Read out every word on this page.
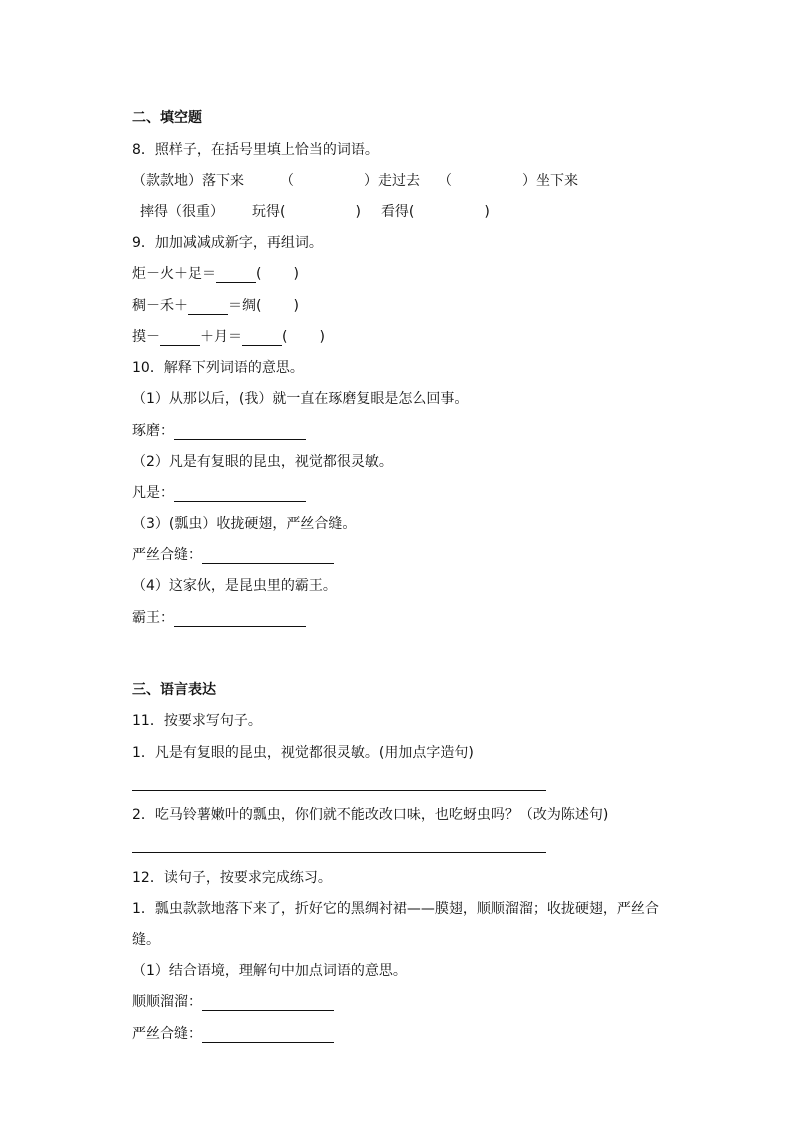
二、填空题
8．照样子，在括号里填上恰当的词语。
（款款地）落下来	（	）走过去 （	）坐下来
摔得（很重） 玩得(	) 看得(	)
9．加加减减成新字，再组词。
炬－火＋足＝	( )
稠－禾＋	＝绸( )
摸－	＋月＝	( )
10．解释下列词语的意思。
（1）从那以后，(我）就一直在琢磨复眼是怎么回事。
琢磨：
（2）凡是有复眼的昆虫，视觉都很灵敏。
凡是：
（3）(瓢虫）收拢硬翅，严丝合缝。
严丝合缝：
（4）这家伙，是昆虫里的霸王。
霸王：
三、语言表达
11．按要求写句子。
1．凡是有复眼的昆虫，视觉都很灵敏。(用加点字造句)
2．吃马铃薯嫩叶的瓢虫，你们就不能改改口味，也吃蚜虫吗？（改为陈述句)
12．读句子，按要求完成练习。
1．瓢虫款款地落下来了，折好它的黑绸衬裙——膜翅，顺顺溜溜；收拢硬翅，严丝合
缝。
（1）结合语境，理解句中加点词语的意思。
顺顺溜溜：
严丝合缝：
